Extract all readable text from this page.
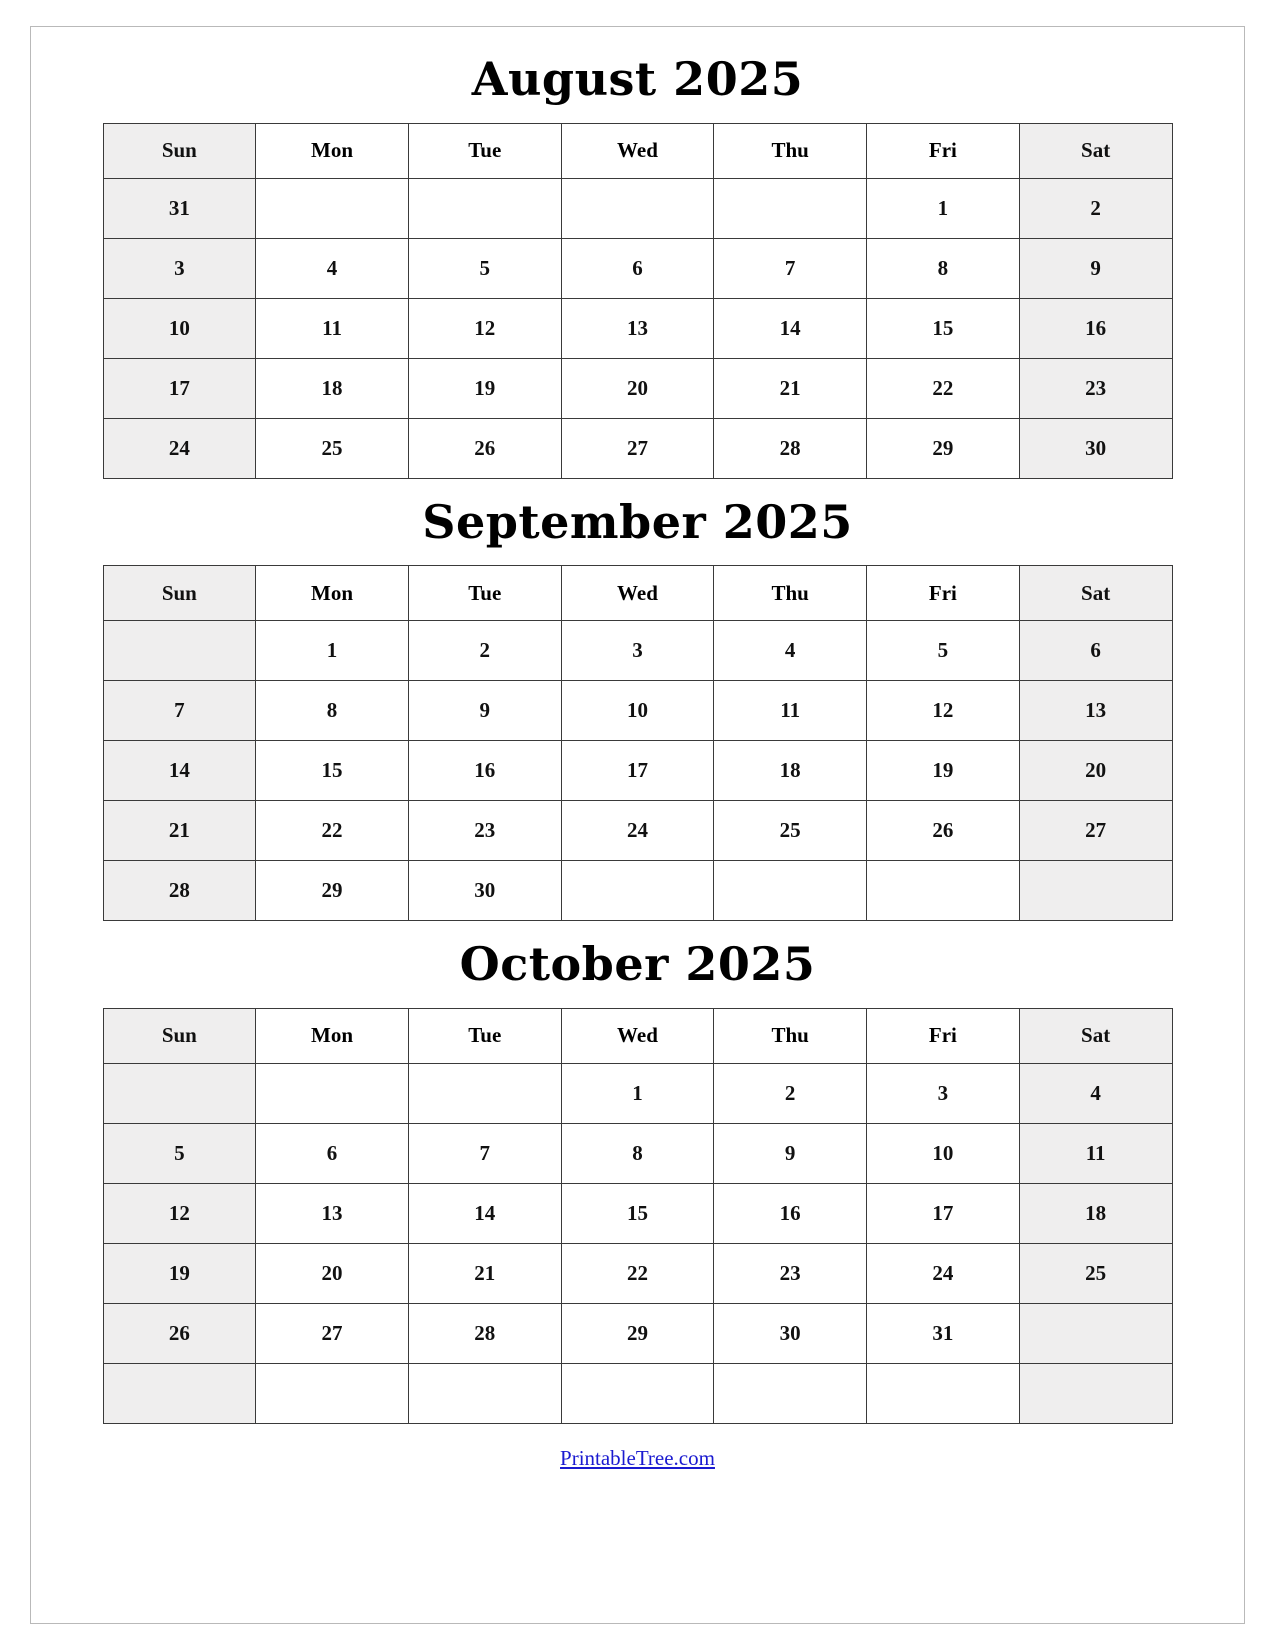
August 2025
Sun	Mon	Tue	Wed	Thu	Fri	Sat
31					1	2
3	4	5	6	7	8	9
10	11	12	13	14	15	16
17	18	19	20	21	22	23
24	25	26	27	28	29	30
September 2025
Sun	Mon	Tue	Wed	Thu	Fri	Sat
	1	2	3	4	5	6
7	8	9	10	11	12	13
14	15	16	17	18	19	20
21	22	23	24	25	26	27
28	29	30				
October 2025
Sun	Mon	Tue	Wed	Thu	Fri	Sat
			1	2	3	4
5	6	7	8	9	10	11
12	13	14	15	16	17	18
19	20	21	22	23	24	25
26	27	28	29	30	31	

PrintableTree.com
